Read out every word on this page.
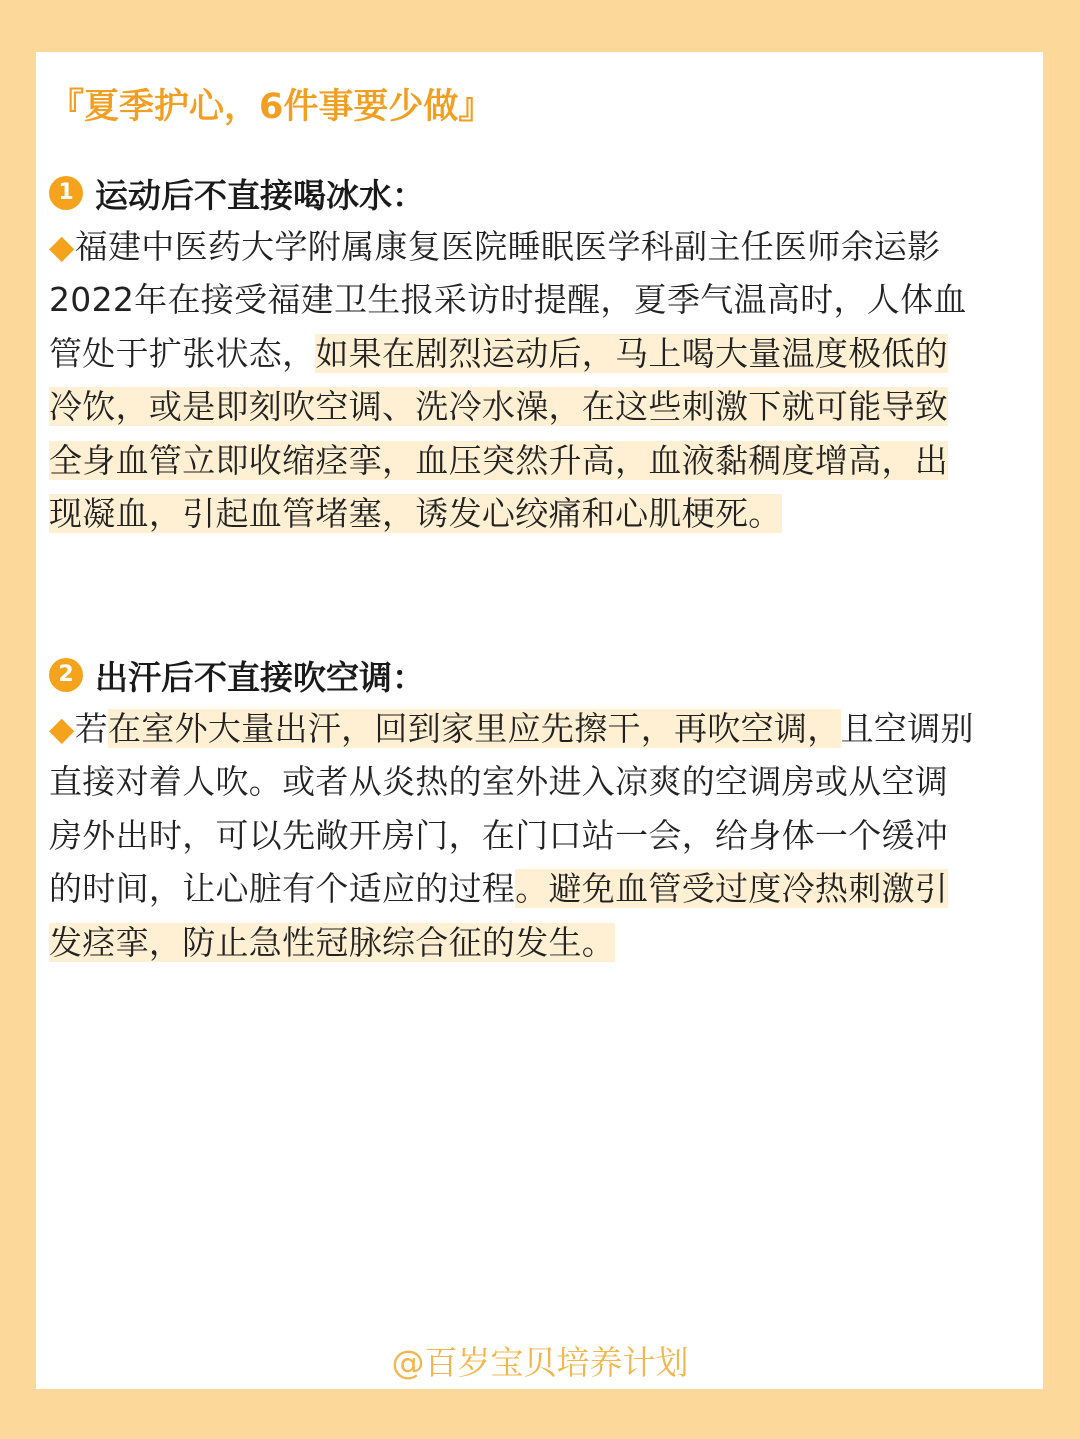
『夏季护心，6件事要少做』
1 运动后不直接喝冰水：

◆福建中医药大学附属康复医院睡眠医学科副主任医师余运影2022年在接受福建卫生报采访时提醒，夏季气温高时，人体血管处于扩张状态，如果在剧烈运动后，马上喝大量温度极低的冷饮，或是即刻吹空调、洗冷水澡，在这些刺激下就可能导致全身血管立即收缩痉挛，血压突然升高，血液黏稠度增高，出现凝血，引起血管堵塞，诱发心绞痛和心肌梗死。

2 出汗后不直接吹空调：

◆若在室外大量出汗，回到家里应先擦干，再吹空调，且空调别直接对着人吹。或者从炎热的室外进入凉爽的空调房或从空调房外出时，可以先敞开房门，在门口站一会，给身体一个缓冲的时间，让心脏有个适应的过程。避免血管受过度冷热刺激引发痉挛，防止急性冠脉综合征的发生。

@百岁宝贝培养计划
